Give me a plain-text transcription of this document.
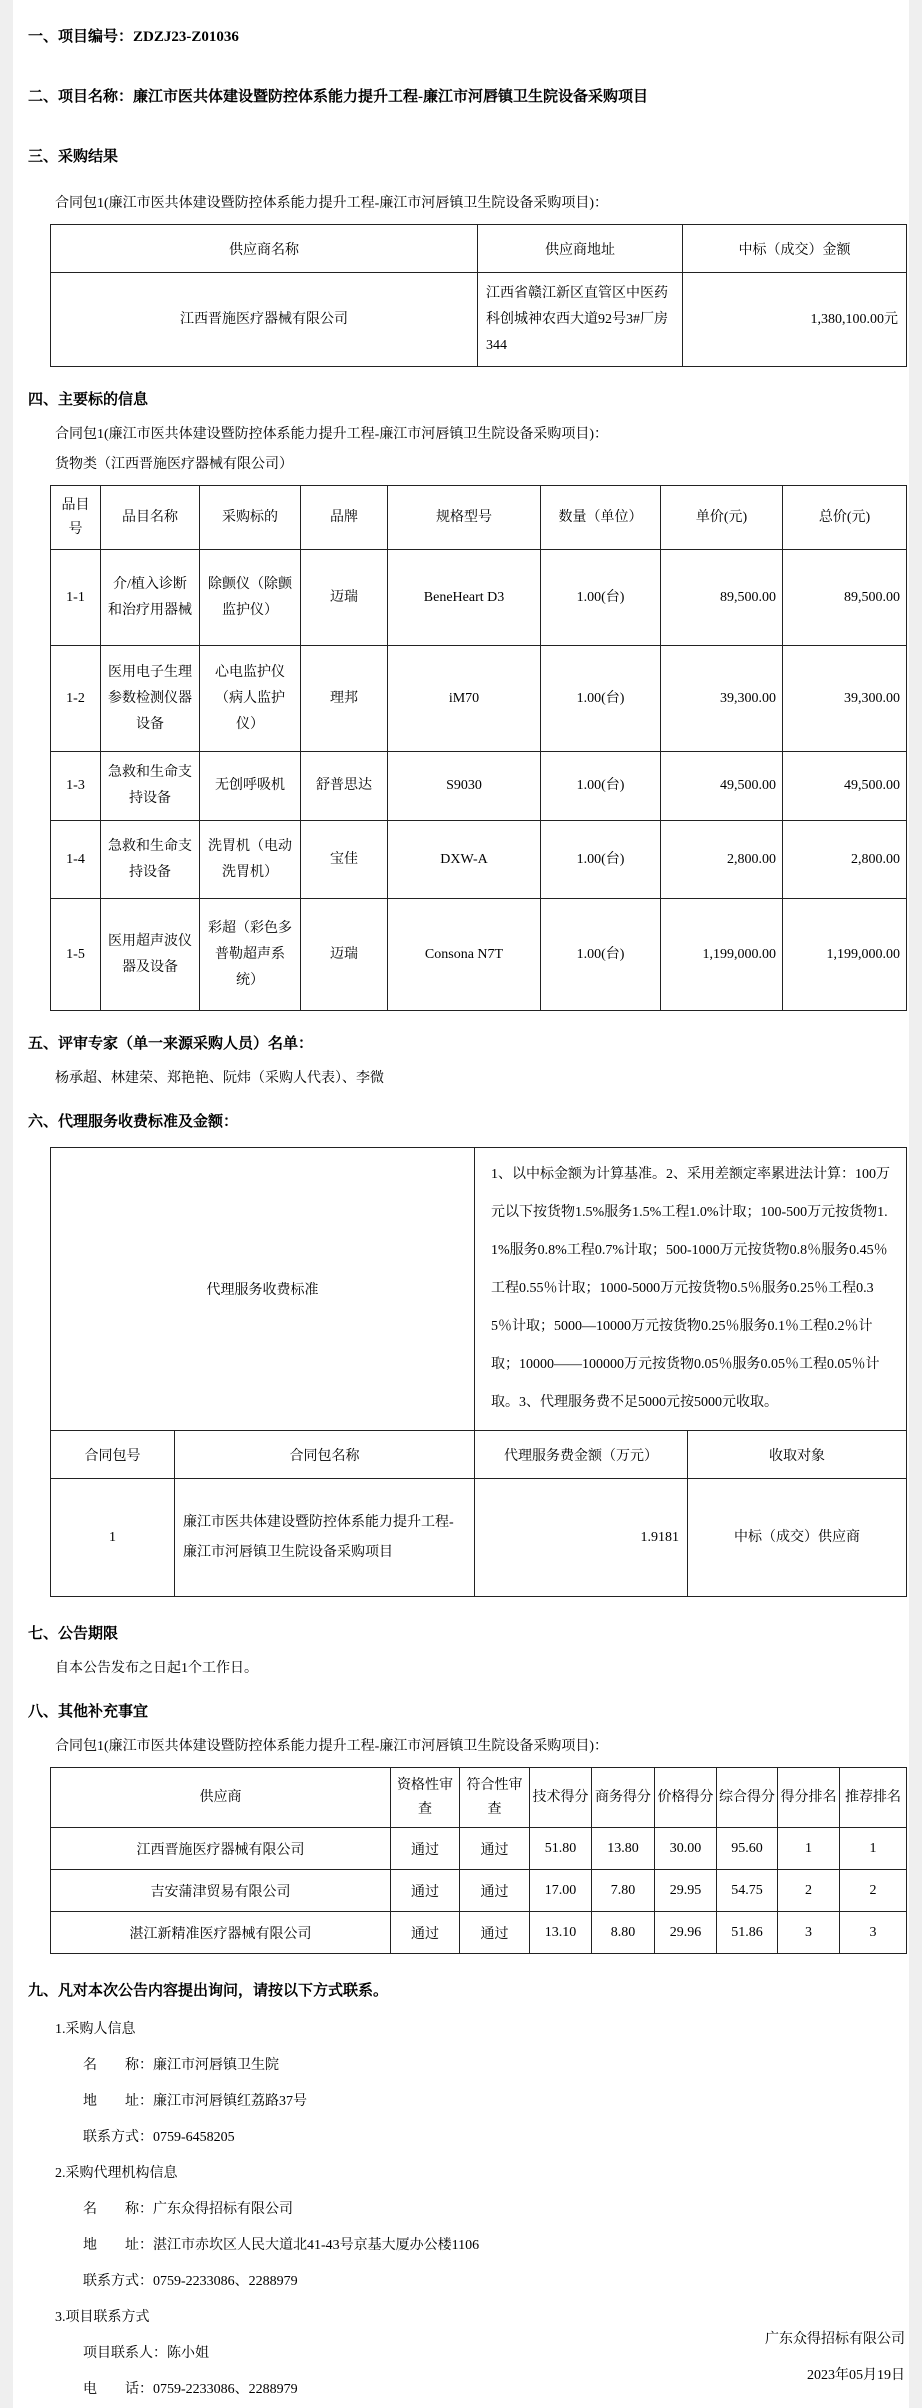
一、项目编号：ZDZJ23-Z01036
二、项目名称：廉江市医共体建设暨防控体系能力提升工程-廉江市河唇镇卫生院设备采购项目
三、采购结果
合同包1(廉江市医共体建设暨防控体系能力提升工程-廉江市河唇镇卫生院设备采购项目)：
供应商名称	供应商地址	中标（成交）金额
江西晋施医疗器械有限公司	江西省赣江新区直管区中医药科创城神农西大道92号3#厂房344	1,380,100.00元
四、主要标的信息
合同包1(廉江市医共体建设暨防控体系能力提升工程-廉江市河唇镇卫生院设备采购项目)：
货物类（江西晋施医疗器械有限公司）
品目号	品目名称	采购标的	品牌	规格型号	数量（单位）	单价(元)	总价(元)
1-1	介/植入诊断和治疗用器械	除颤仪（除颤监护仪）	迈瑞	BeneHeart D3	1.00(台)	89,500.00	89,500.00
1-2	医用电子生理参数检测仪器设备	心电监护仪（病人监护仪）	理邦	iM70	1.00(台)	39,300.00	39,300.00
1-3	急救和生命支持设备	无创呼吸机	舒普思达	S9030	1.00(台)	49,500.00	49,500.00
1-4	急救和生命支持设备	洗胃机（电动洗胃机）	宝佳	DXW-A	1.00(台)	2,800.00	2,800.00
1-5	医用超声波仪器及设备	彩超（彩色多普勒超声系统）	迈瑞	Consona N7T	1.00(台)	1,199,000.00	1,199,000.00
五、评审专家（单一来源采购人员）名单：
杨承超、林建荣、郑艳艳、阮炜（采购人代表）、李微
六、代理服务收费标准及金额：
代理服务收费标准	1、以中标金额为计算基准。2、采用差额定率累进法计算：100万元以下按货物1.5%服务1.5%工程1.0%计取；100-500万元按货物1.1%服务0.8%工程0.7%计取；500-1000万元按货物0.8％服务0.45％工程0.55％计取；1000-5000万元按货物0.5％服务0.25％工程0.35％计取；5000—10000万元按货物0.25％服务0.1％工程0.2％计取；10000——100000万元按货物0.05％服务0.05％工程0.05％计取。3、代理服务费不足5000元按5000元收取。
合同包号	合同包名称	代理服务费金额（万元）	收取对象
1	廉江市医共体建设暨防控体系能力提升工程-廉江市河唇镇卫生院设备采购项目	1.9181	中标（成交）供应商
七、公告期限
自本公告发布之日起1个工作日。
八、其他补充事宜
合同包1(廉江市医共体建设暨防控体系能力提升工程-廉江市河唇镇卫生院设备采购项目)：
供应商	资格性审查	符合性审查	技术得分	商务得分	价格得分	综合得分	得分排名	推荐排名
江西晋施医疗器械有限公司	通过	通过	51.80	13.80	30.00	95.60	1	1
吉安蒲津贸易有限公司	通过	通过	17.00	7.80	29.95	54.75	2	2
湛江新精准医疗器械有限公司	通过	通过	13.10	8.80	29.96	51.86	3	3
九、凡对本次公告内容提出询问，请按以下方式联系。
1.采购人信息
名　　称：廉江市河唇镇卫生院
地　　址：廉江市河唇镇红荔路37号
联系方式：0759-6458205
2.采购代理机构信息
名　　称：广东众得招标有限公司
地　　址：湛江市赤坎区人民大道北41-43号京基大厦办公楼1106
联系方式：0759-2233086、2288979
3.项目联系方式
项目联系人：陈小姐
电　　话：0759-2233086、2288979
广东众得招标有限公司
2023年05月19日
